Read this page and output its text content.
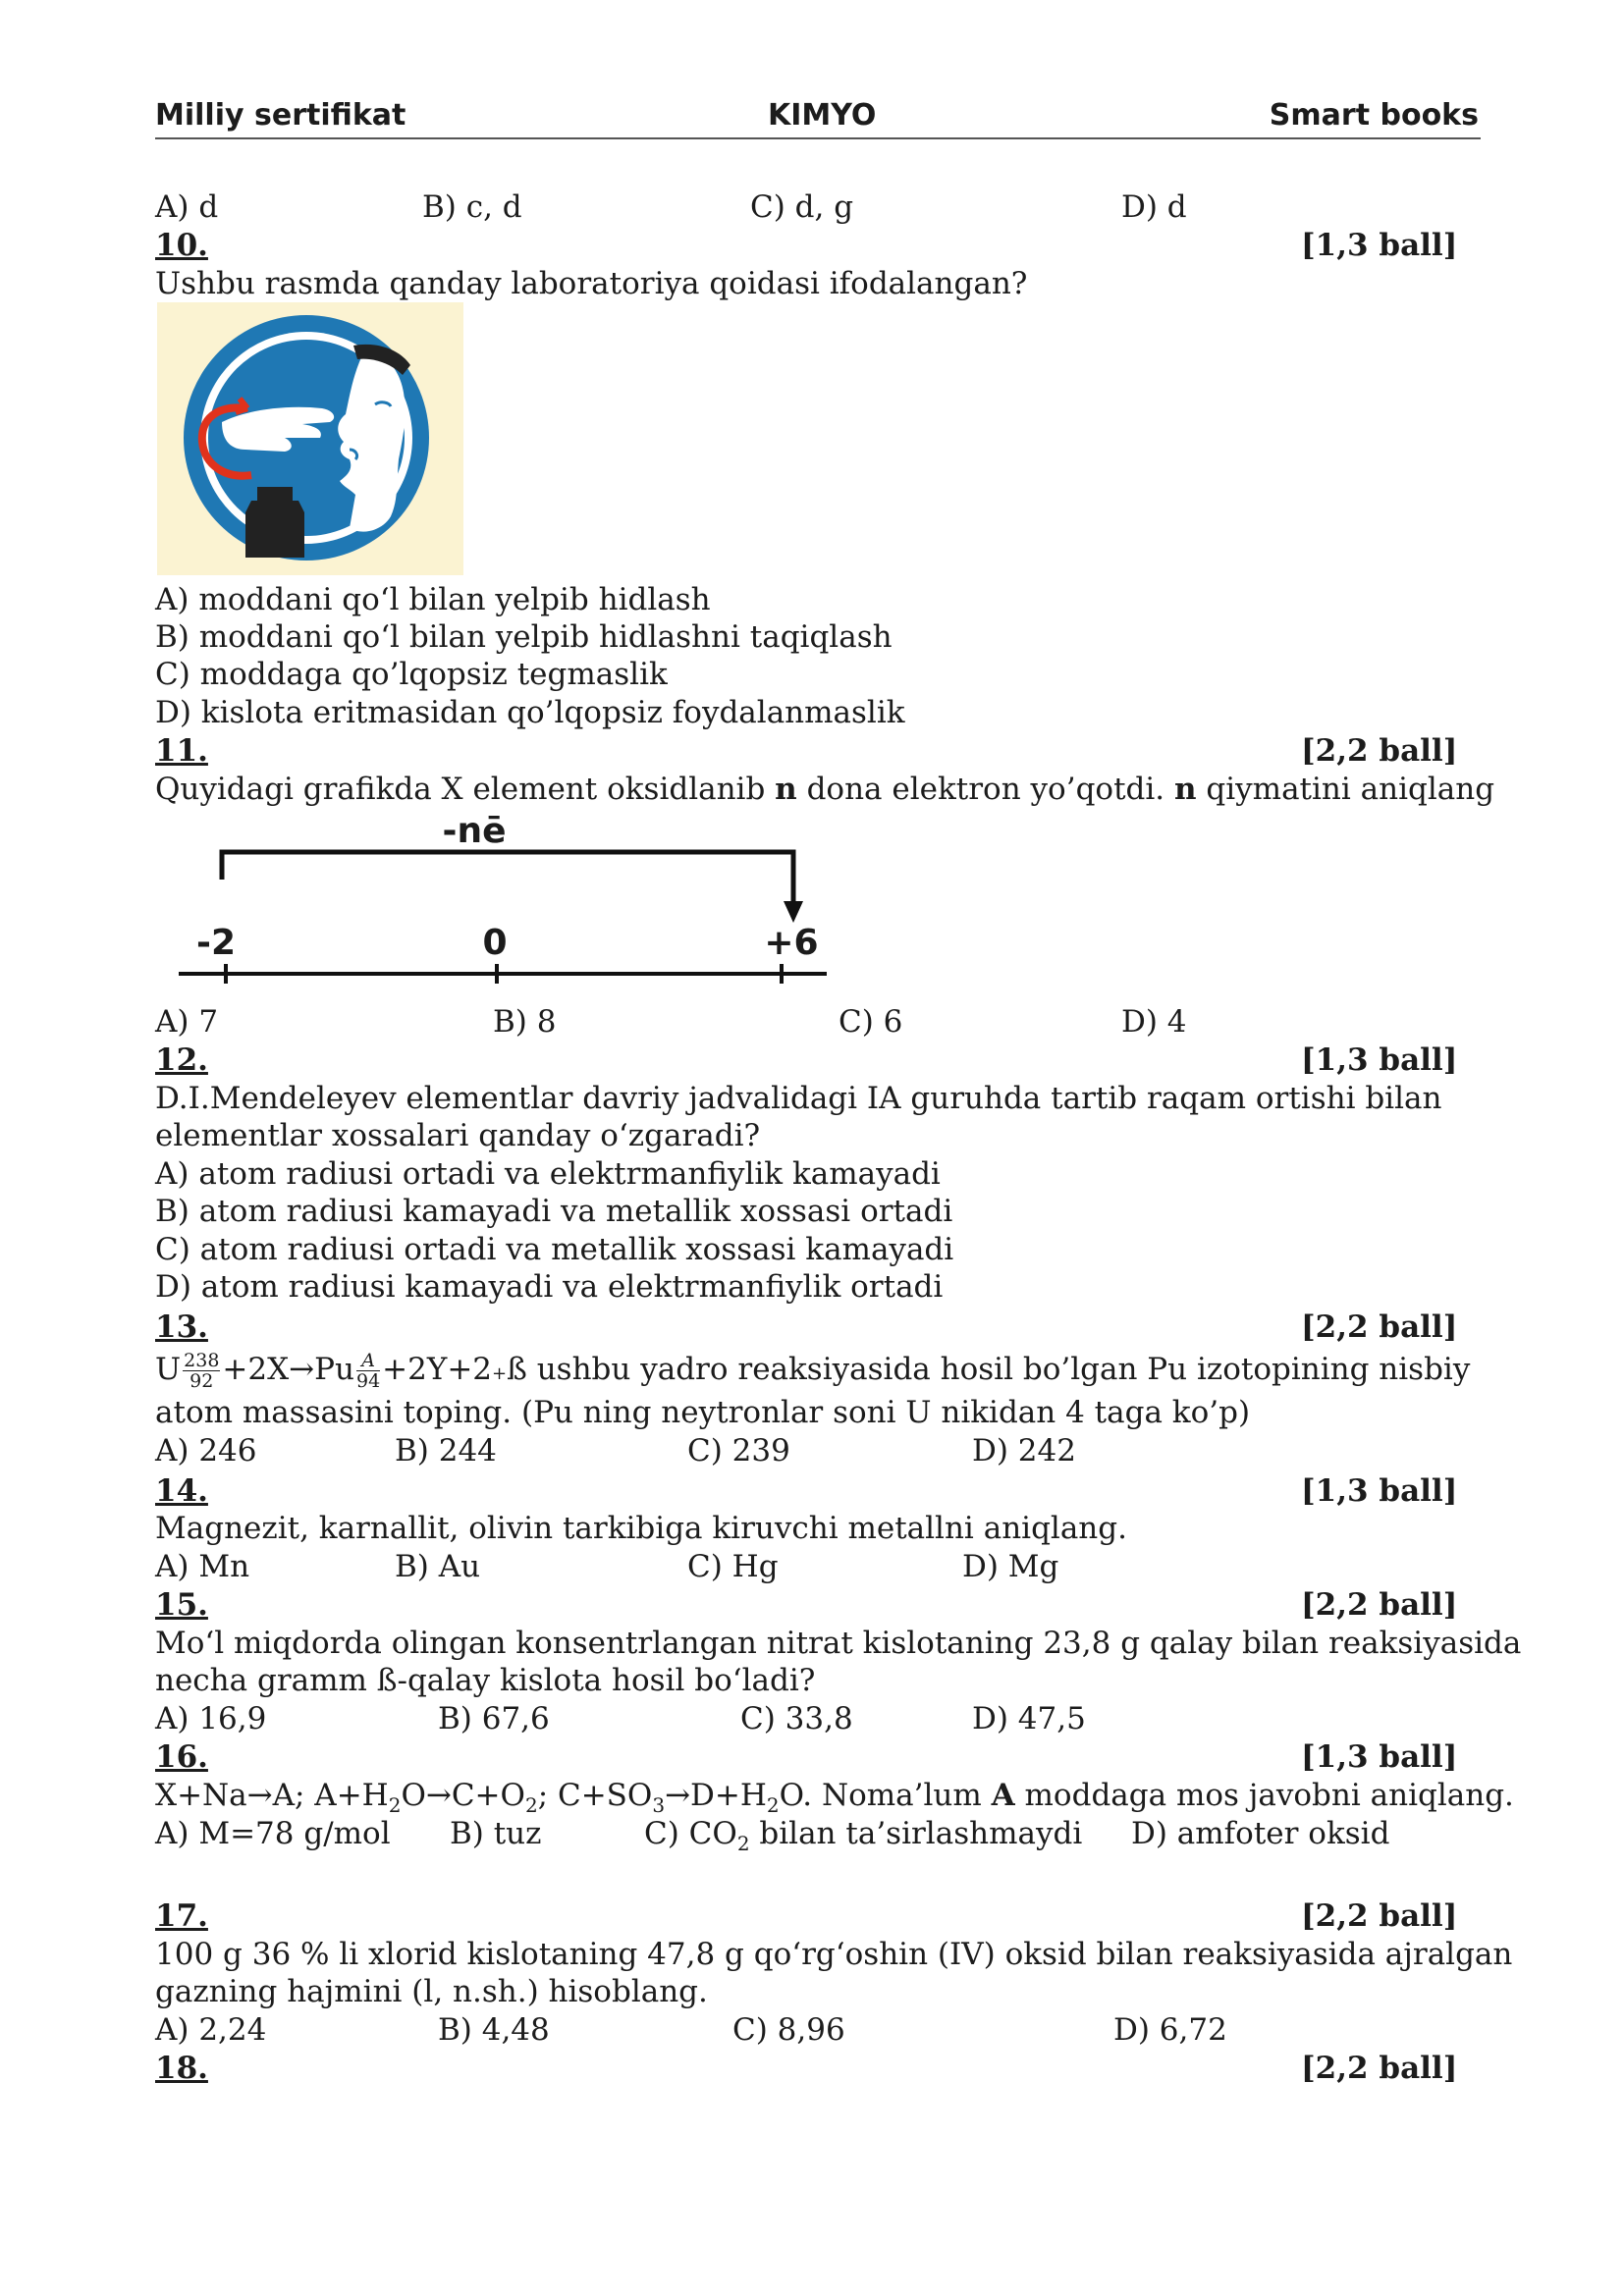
Milliy sertifikat	KIMYO	Smart books
A) d	B) c, d	C) d, g	D) d
10.	[1,3 ball]
Ushbu rasmda qanday laboratoriya qoidasi ifodalangan?
A) moddani qo‘l bilan yelpib hidlash
B) moddani qo‘l bilan yelpib hidlashni taqiqlash
C) moddaga qo’lqopsiz tegmaslik
D) kislota eritmasidan qo’lqopsiz foydalanmaslik
11.	[2,2 ball]
Quyidagi grafikda X element oksidlanib n dona elektron yo’qotdi. n qiymatini aniqlang
-nē
-2	0	+6
A) 7	B) 8	C) 6	D) 4
12.	[1,3 ball]
D.I.Mendeleyev elementlar davriy jadvalidagi IA guruhda tartib raqam ortishi bilan
elementlar xossalari qanday o‘zgaradi?
A) atom radiusi ortadi va elektrmanfiylik kamayadi
B) atom radiusi kamayadi va metallik xossasi ortadi
C) atom radiusi ortadi va metallik xossasi kamayadi
D) atom radiusi kamayadi va elektrmanfiylik ortadi
13.	[2,2 ball]
U $\frac{238}{92} +2X\to Pu \frac{A}{94}$ +2Y+2+ß ushbu yadro reaksiyasida hosil bo’lgan Pu izotopining nisbiy
atom massasini toping. (Pu ning neytronlar soni U nikidan 4 taga ko’p)
A) 246	B) 244	C) 239	D) 242
14.	[1,3 ball]
Magnezit, karnallit, olivin tarkibiga kiruvchi metallni aniqlang.
A) Mn	B) Au	C) Hg	D) Mg
15.	[2,2 ball]
Mo‘l miqdorda olingan konsentrlangan nitrat kislotaning 23,8 g qalay bilan reaksiyasida
necha gramm ß-qalay kislota hosil bo‘ladi?
A) 16,9	B) 67,6	C) 33,8	D) 47,5
16.	[1,3 ball]
X+Na→A; $A+H_2O\to C+O_2$; $C+SO_3\to D+H_2O$. Noma’lum A moddaga mos javobni aniqlang.
A) M=78 g/mol B) tuz	C) $CO_2$ bilan ta’sirlashmaydi D) amfoter oksid
17.	[2,2 ball]
100 g 36 % li xlorid kislotaning 47,8 g qo‘rg‘oshin (IV) oksid bilan reaksiyasida ajralgan
gazning hajmini (l, n.sh.) hisoblang.
A) 2,24	B) 4,48	C) 8,96	D) 6,72
18.	[2,2 ball]
